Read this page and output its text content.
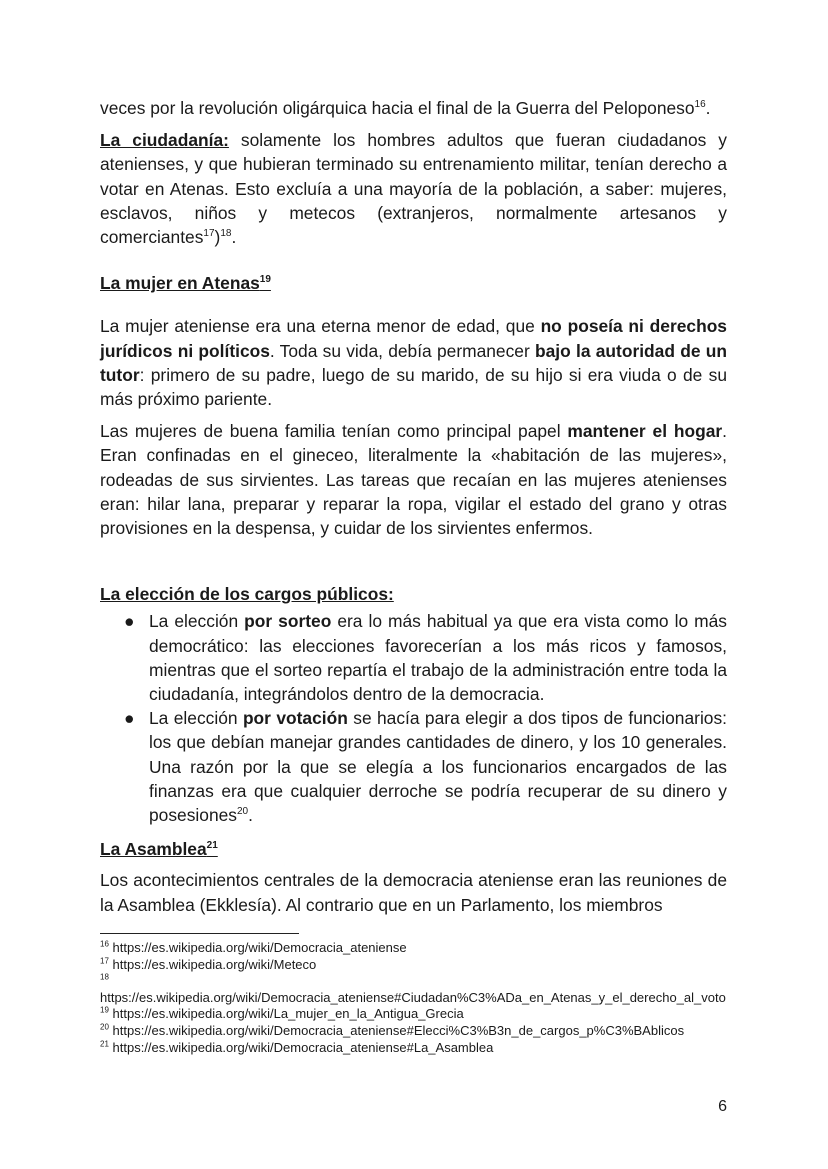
veces por la revolución oligárquica hacia el final de la Guerra del Peloponeso$^{16}$.

La ciudadanía: solamente los hombres adultos que fueran ciudadanos y atenienses, y que hubieran terminado su entrenamiento militar, tenían derecho a votar en Atenas. Esto excluía a una mayoría de la población, a saber: mujeres, esclavos, niños y metecos (extranjeros, normalmente artesanos y comerciantes$^{17}$)$^{18}$.

La mujer en Atenas$^{19}$

La mujer ateniense era una eterna menor de edad, que no poseía ni derechos jurídicos ni políticos. Toda su vida, debía permanecer bajo la autoridad de un tutor: primero de su padre, luego de su marido, de su hijo si era viuda o de su más próximo pariente.

Las mujeres de buena familia tenían como principal papel mantener el hogar. Eran confinadas en el gineceo, literalmente la «habitación de las mujeres», rodeadas de sus sirvientes. Las tareas que recaían en las mujeres atenienses eran: hilar lana, preparar y reparar la ropa, vigilar el estado del grano y otras provisiones en la despensa, y cuidar de los sirvientes enfermos.

La elección de los cargos públicos:

● La elección por sorteo era lo más habitual ya que era vista como lo más democrático: las elecciones favorecerían a los más ricos y famosos, mientras que el sorteo repartía el trabajo de la administración entre toda la ciudadanía, integrándolos dentro de la democracia.
● La elección por votación se hacía para elegir a dos tipos de funcionarios: los que debían manejar grandes cantidades de dinero, y los 10 generales. Una razón por la que se elegía a los funcionarios encargados de las finanzas era que cualquier derroche se podría recuperar de su dinero y posesiones$^{20}$.

La Asamblea$^{21}$

Los acontecimientos centrales de la democracia ateniense eran las reuniones de la Asamblea (Ekklesía). Al contrario que en un Parlamento, los miembros

$^{16}$ https://es.wikipedia.org/wiki/Democracia_ateniense

$^{17}$ https://es.wikipedia.org/wiki/Meteco

$^{18}$

https://es.wikipedia.org/wiki/Democracia_ateniense#Ciudadan%C3%ADa_en_Atenas_y_el_derecho_al_voto

$^{19}$ https://es.wikipedia.org/wiki/La_mujer_en_la_Antigua_Grecia

$^{20}$ https://es.wikipedia.org/wiki/Democracia_ateniense#Elecci%C3%B3n_de_cargos_p%C3%BAblicos

$^{21}$ https://es.wikipedia.org/wiki/Democracia_ateniense#La_Asamblea

6
